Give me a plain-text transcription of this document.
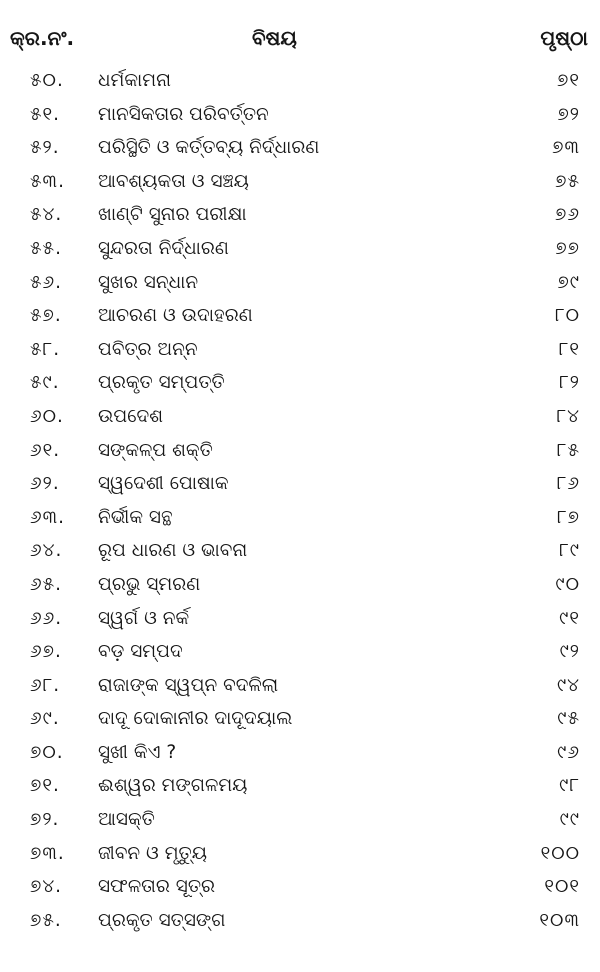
କ୍ର.ନଂ.	ବିଷୟ	ପୃଷ୍ଠା
୫୦. ଧର୍ମକାମନା	୭୧
୫୧. ମାନସିକତାର ପରିବର୍ତ୍ତନ	୭୨
୫୨. ପରିସ୍ଥିତି ଓ କର୍ତ୍ତବ୍ୟ ନିର୍ଦ୍ଧାରଣ	୭୩
୫୩. ଆବଶ୍ୟକତା ଓ ସଞ୍ଚୟ	୭୫
୫୪. ଖାଣ୍ଟି ସୁନାର ପରୀକ୍ଷା	୭୬
୫୫. ସୁନ୍ଦରତା ନିର୍ଦ୍ଧାରଣ	୭୭
୫୬. ସୁଖର ସନ୍ଧାନ	୭୯
୫୭. ଆଚରଣ ଓ ଉଦାହରଣ	୮୦
୫୮. ପବିତ୍ର ଅନ୍ନ	୮୧
୫୯. ପ୍ରକୃତ ସମ୍ପତ୍ତି	୮୨
୬୦. ଉପଦେଶ	୮୪
୬୧. ସଙ୍କଳ୍ପ ଶକ୍ତି	୮୫
୬୨. ସ୍ୱଦେଶୀ ପୋଷାକ	୮୬
୬୩. ନିର୍ଭୀକ ସନ୍ଥ	୮୭
୬୪. ରୂପ ଧାରଣ ଓ ଭାବନା	୮୯
୬୫. ପ୍ରଭୁ ସ୍ମରଣ	୯୦
୬୬. ସ୍ୱର୍ଗ ଓ ନର୍କ	୯୧
୬୭. ବଡ଼ ସମ୍ପଦ	୯୨
୬୮. ରାଜାଙ୍କ ସ୍ୱପ୍ନ ବଦଳିଲା	୯୪
୬୯. ଦାଦୂ ଦୋକାନୀର ଦାଦୂଦୟାଲ	୯୫
୭୦. ସୁଖୀ କିଏ ?	୯୬
୭୧. ଈଶ୍ୱର ମଙ୍ଗଳମୟ	୯୮
୭୨. ଆସକ୍ତି	୯୯
୭୩. ଜୀବନ ଓ ମୃତ୍ୟୁ	୧୦୦
୭୪. ସଫଳତାର ସୂତ୍ର	୧୦୧
୭୫. ପ୍ରକୃତ ସତ୍‌ସଙ୍ଗ	୧୦୩
